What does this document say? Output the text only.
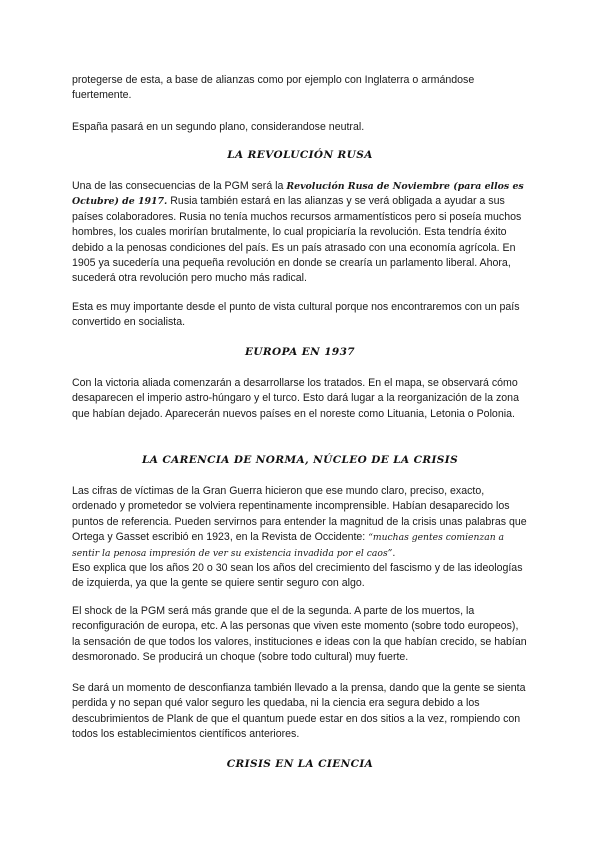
protegerse de esta, a base de alianzas como por ejemplo con Inglaterra o armándose fuertemente.

España pasará en un segundo plano, considerandose neutral.

LA REVOLUCIÓN RUSA

Una de las consecuencias de la PGM será la Revolución Rusa de Noviembre (para ellos es Octubre) de 1917. Rusia también estará en las alianzas y se verá obligada a ayudar a sus países colaboradores. Rusia no tenía muchos recursos armamentísticos pero si poseía muchos hombres, los cuales morirían brutalmente, lo cual propiciaría la revolución. Esta tendría éxito debido a la penosas condiciones del país. Es un país atrasado con una economía agrícola. En 1905 ya sucedería una pequeña revolución en donde se crearía un parlamento liberal. Ahora, sucederá otra revolución pero mucho más radical.

Esta es muy importante desde el punto de vista cultural porque nos encontraremos con un país convertido en socialista.

EUROPA EN 1937

Con la victoria aliada comenzarán a desarrollarse los tratados. En el mapa, se observará cómo desaparecen el imperio astro-húngaro y el turco. Esto dará lugar a la reorganización de la zona que habían dejado. Aparecerán nuevos países en el noreste como Lituania, Letonia o Polonia.

LA CARENCIA DE NORMA, NÚCLEO DE LA CRISIS

Las cifras de víctimas de la Gran Guerra hicieron que ese mundo claro, preciso, exacto, ordenado y prometedor se volviera repentinamente incomprensible. Habían desaparecido los puntos de referencia. Pueden servirnos para entender la magnitud de la crisis unas palabras que Ortega y Gasset escribió en 1923, en la Revista de Occidente: “muchas gentes comienzan a sentir la penosa impresión de ver su existencia invadida por el caos”.
Eso explica que los años 20 o 30 sean los años del crecimiento del fascismo y de las ideologías de izquierda, ya que la gente se quiere sentir seguro con algo.

El shock de la PGM será más grande que el de la segunda. A parte de los muertos, la reconfiguración de europa, etc. A las personas que viven este momento (sobre todo europeos), la sensación de que todos los valores, instituciones e ideas con la que habían crecido, se habían desmoronado. Se producirá un choque (sobre todo cultural) muy fuerte.

Se dará un momento de desconfianza también llevado a la prensa, dando que la gente se sienta perdida y no sepan qué valor seguro les quedaba, ni la ciencia era segura debido a los descubrimientos de Plank de que el quantum puede estar en dos sitios a la vez, rompiendo con todos los establecimientos científicos anteriores.

CRISIS EN LA CIENCIA
